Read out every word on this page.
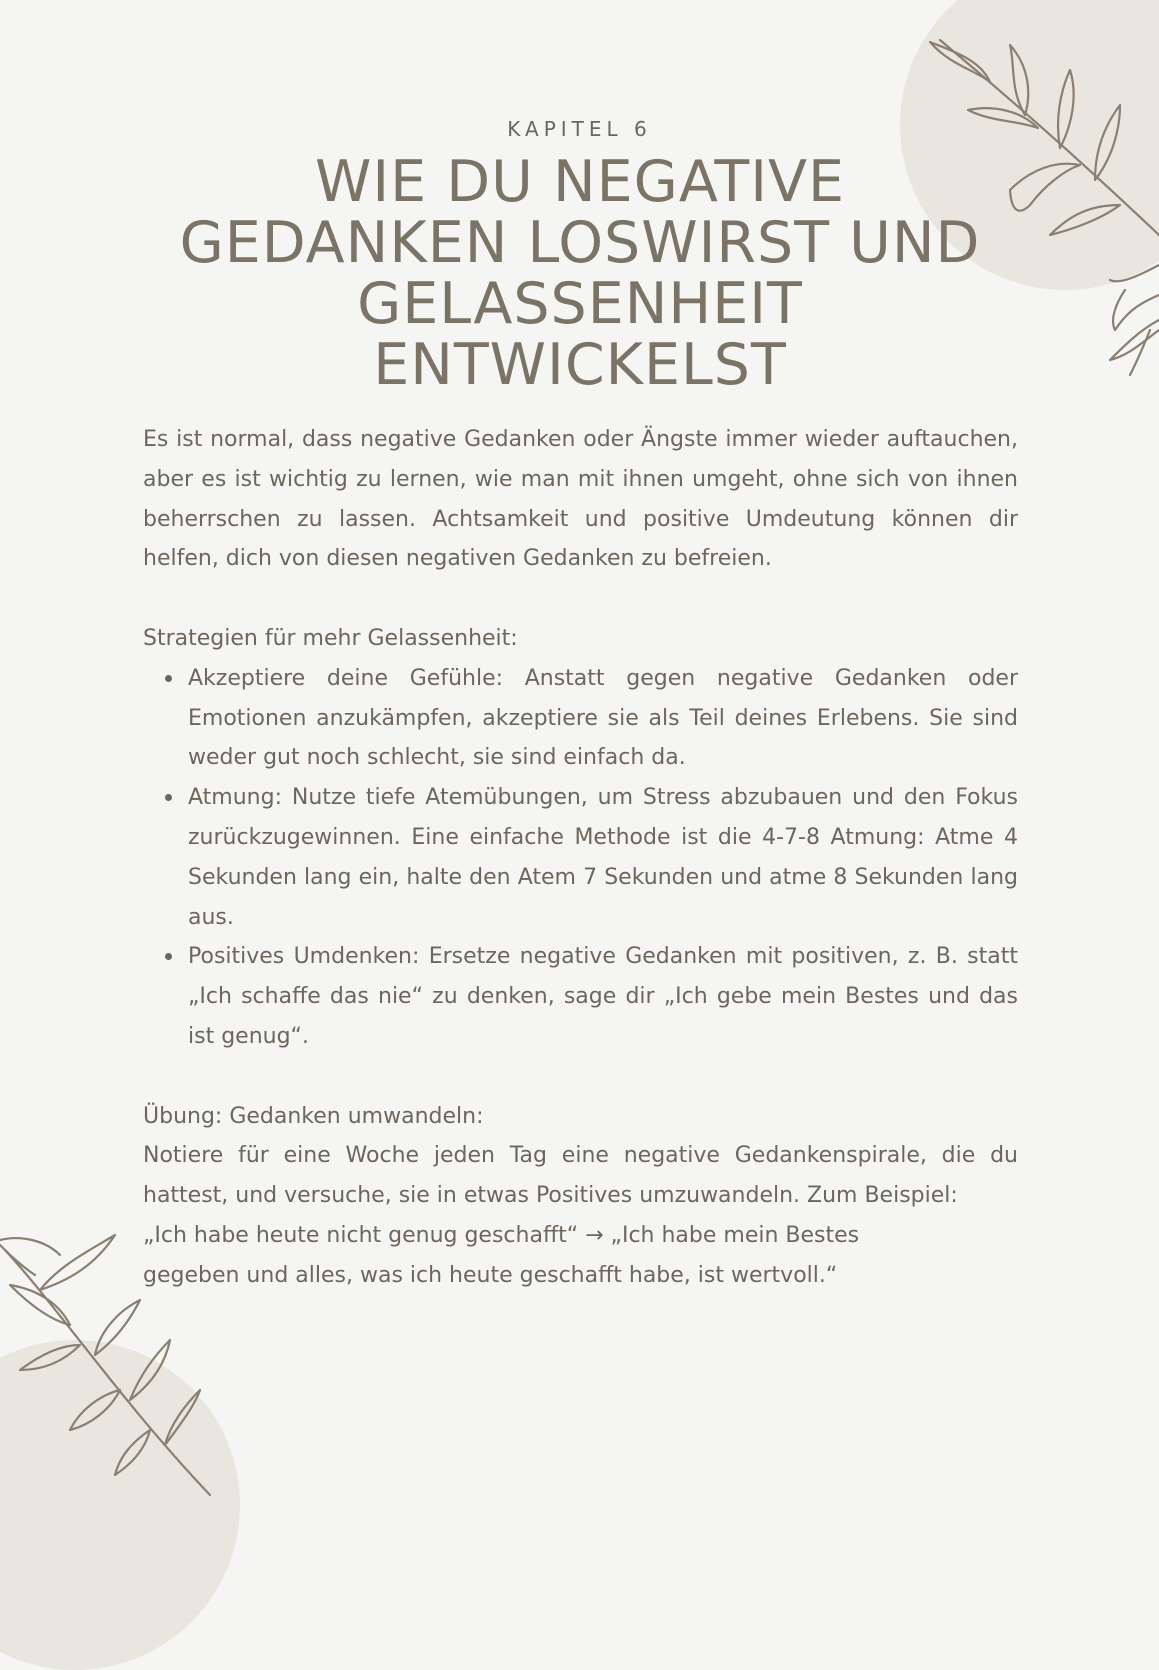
KAPITEL 6
WIE DU NEGATIVE
GEDANKEN LOSWIRST UND
GELASSENHEIT
ENTWICKELST

Es ist normal, dass negative Gedanken oder Ängste immer wieder auftauchen, aber es ist wichtig zu lernen, wie man mit ihnen umgeht, ohne sich von ihnen beherrschen zu lassen. Achtsamkeit und positive Umdeutung können dir helfen, dich von diesen negativen Gedanken zu befreien.

Strategien für mehr Gelassenheit:

Akzeptiere deine Gefühle: Anstatt gegen negative Gedanken oder Emotionen anzukämpfen, akzeptiere sie als Teil deines Erlebens. Sie sind weder gut noch schlecht, sie sind einfach da.
Atmung: Nutze tiefe Atemübungen, um Stress abzubauen und den Fokus zurückzugewinnen. Eine einfache Methode ist die 4-7-8 Atmung: Atme 4 Sekunden lang ein, halte den Atem 7 Sekunden und atme 8 Sekunden lang aus.
Positives Umdenken: Ersetze negative Gedanken mit positiven, z. B. statt „Ich schaffe das nie“ zu denken, sage dir „Ich gebe mein Bestes und das ist genug“.

Übung: Gedanken umwandeln:

Notiere für eine Woche jeden Tag eine negative Gedankenspirale, die du hattest, und versuche, sie in etwas Positives umzuwandeln. Zum Beispiel:

„Ich habe heute nicht genug geschafft“ → „Ich habe mein Bestes

gegeben und alles, was ich heute geschafft habe, ist wertvoll.“
